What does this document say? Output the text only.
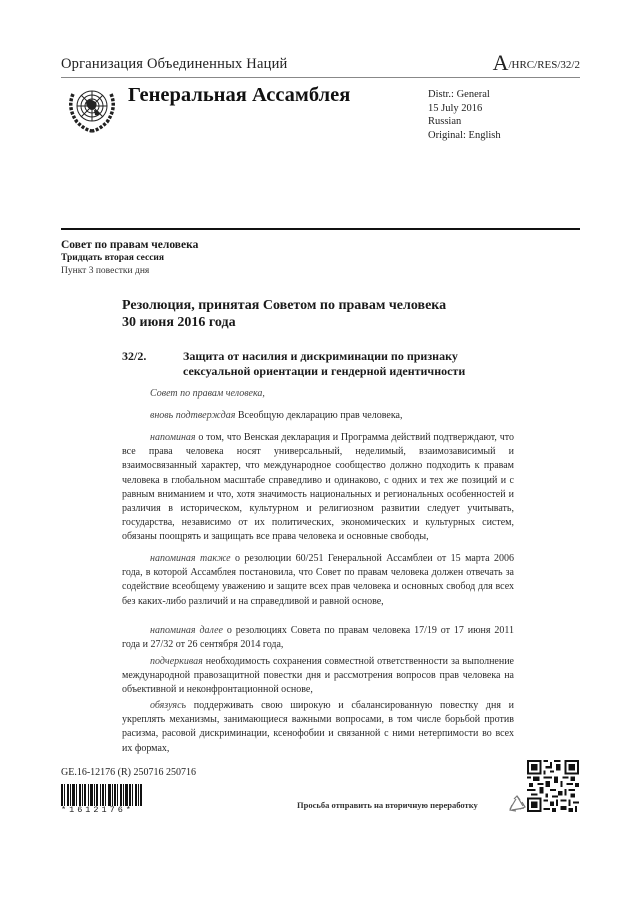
Организация Объединенных Наций	A/HRC/RES/32/2
Генеральная Ассамблея	Distr.: General
15 July 2016
Russian
Original: English
Совет по правам человека
Тридцать вторая сессия
Пункт 3 повестки дня
Резолюция, принятая Советом по правам человека
30 июня 2016 года
32/2.	Защита от насилия и дискриминации по признаку
сексуальной ориентации и гендерной идентичности
Совет по правам человека,
вновь подтверждая Всеобщую декларацию прав человека,
напоминая о том, что Венская декларация и Программа действий подтверждают, что все права человека носят универсальный, неделимый, взаимозависимый и взаимосвязанный характер, что международное сообщество должно подходить к правам человека в глобальном масштабе справедливо и одинаково, с одних и тех же позиций и с равным вниманием и что, хотя значимость национальных и региональных особенностей и различия в историческом, культурном и религиозном развитии следует учитывать, государства, независимо от их политических, экономических и культурных систем, обязаны поощрять и защищать все права человека и основные свободы,
напоминая также о резолюции 60/251 Генеральной Ассамблеи от 15 марта 2006 года, в которой Ассамблея постановила, что Совет по правам человека должен отвечать за содействие всеобщему уважению и защите всех прав человека и основных свобод для всех без каких-либо различий и на справедливой и равной основе,
напоминая далее о резолюциях Совета по правам человека 17/19 от 17 июня 2011 года и 27/32 от 26 сентября 2014 года,
подчеркивая необходимость сохранения совместной ответственности за выполнение международной правозащитной повестки дня и рассмотрения вопросов прав человека на объективной и неконфронтационной основе,
обязуясь поддерживать свою широкую и сбалансированную повестку дня и укреплять механизмы, занимающиеся важными вопросами, в том числе борьбой против расизма, расовой дискриминации, ксенофобии и связанной с ними нетерпимости во всех их формах,
GE.16-12176 (R) 250716 250716
*1612176*	Просьба отправить на вторичную переработку
